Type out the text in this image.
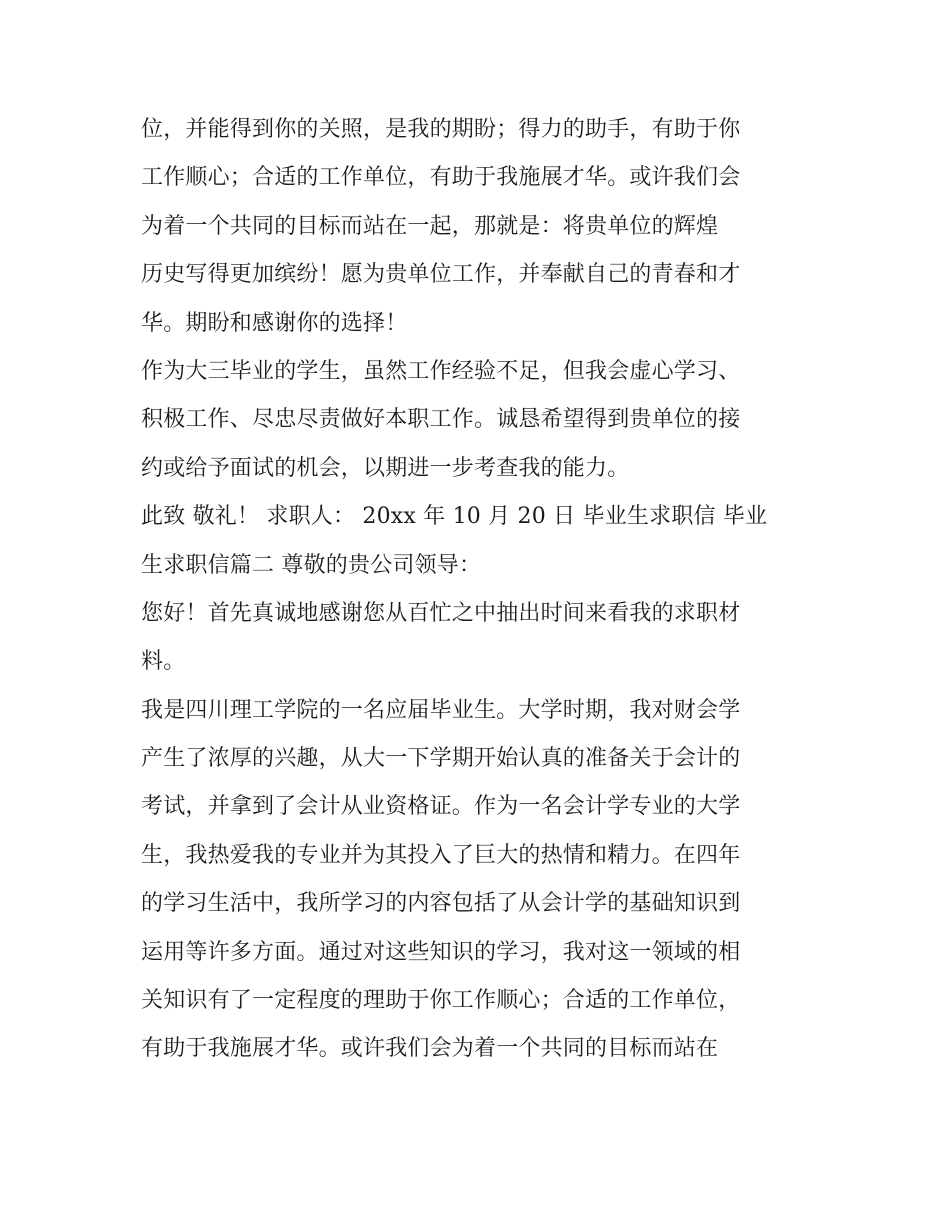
位，并能得到你的关照，是我的期盼；得力的助手，有助于你
工作顺心；合适的工作单位，有助于我施展才华。或许我们会
为着一个共同的目标而站在一起，那就是：将贵单位的辉煌
历史写得更加缤纷！愿为贵单位工作，并奉献自己的青春和才
华。期盼和感谢你的选择！
作为大三毕业的学生，虽然工作经验不足，但我会虚心学习、
积极工作、尽忠尽责做好本职工作。诚恳希望得到贵单位的接
约或给予面试的机会，以期进一步考查我的能力。
此致 敬礼！ 求职人： 20xx 年 10 月 20 日 毕业生求职信 毕业
生求职信篇二 尊敬的贵公司领导：
您好！首先真诚地感谢您从百忙之中抽出时间来看我的求职材
料。
我是四川理工学院的一名应届毕业生。大学时期，我对财会学
产生了浓厚的兴趣，从大一下学期开始认真的准备关于会计的
考试，并拿到了会计从业资格证。作为一名会计学专业的大学
生，我热爱我的专业并为其投入了巨大的热情和精力。在四年
的学习生活中，我所学习的内容包括了从会计学的基础知识到
运用等许多方面。通过对这些知识的学习，我对这一领域的相
关知识有了一定程度的理助于你工作顺心；合适的工作单位，
有助于我施展才华。或许我们会为着一个共同的目标而站在
